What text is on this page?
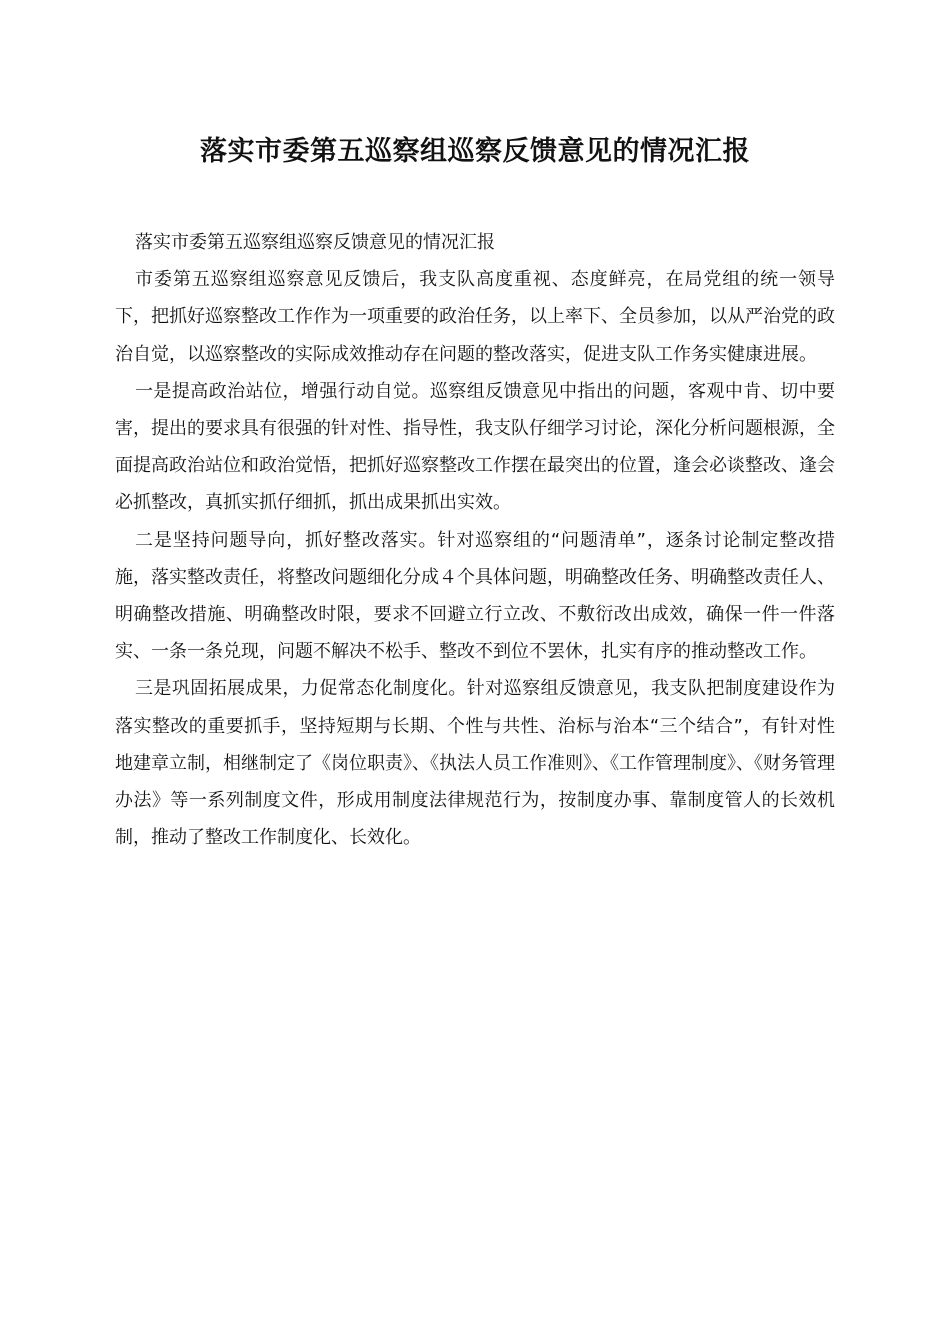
落实市委第五巡察组巡察反馈意见的情况汇报

落实市委第五巡察组巡察反馈意见的情况汇报

市委第五巡察组巡察意见反馈后，我支队高度重视、态度鲜亮，在局党组的统一领导下，把抓好巡察整改工作作为一项重要的政治任务，以上率下、全员参加，以从严治党的政治自觉，以巡察整改的实际成效推动存在问题的整改落实，促进支队工作务实健康进展。

一是提高政治站位，增强行动自觉。巡察组反馈意见中指出的问题，客观中肯、切中要害，提出的要求具有很强的针对性、指导性，我支队仔细学习讨论，深化分析问题根源，全面提高政治站位和政治觉悟，把抓好巡察整改工作摆在最突出的位置，逢会必谈整改、逢会必抓整改，真抓实抓仔细抓，抓出成果抓出实效。

二是坚持问题导向，抓好整改落实。针对巡察组的“问题清单”，逐条讨论制定整改措施，落实整改责任，将整改问题细化分成４个具体问题，明确整改任务、明确整改责任人、明确整改措施、明确整改时限，要求不回避立行立改、不敷衍改出成效，确保一件一件落实、一条一条兑现，问题不解决不松手、整改不到位不罢休，扎实有序的推动整改工作。

三是巩固拓展成果，力促常态化制度化。针对巡察组反馈意见，我支队把制度建设作为落实整改的重要抓手，坚持短期与长期、个性与共性、治标与治本“三个结合”，有针对性地建章立制，相继制定了《岗位职责》、《执法人员工作准则》、《工作管理制度》、《财务管理办法》等一系列制度文件，形成用制度法律规范行为，按制度办事、靠制度管人的长效机制，推动了整改工作制度化、长效化。
